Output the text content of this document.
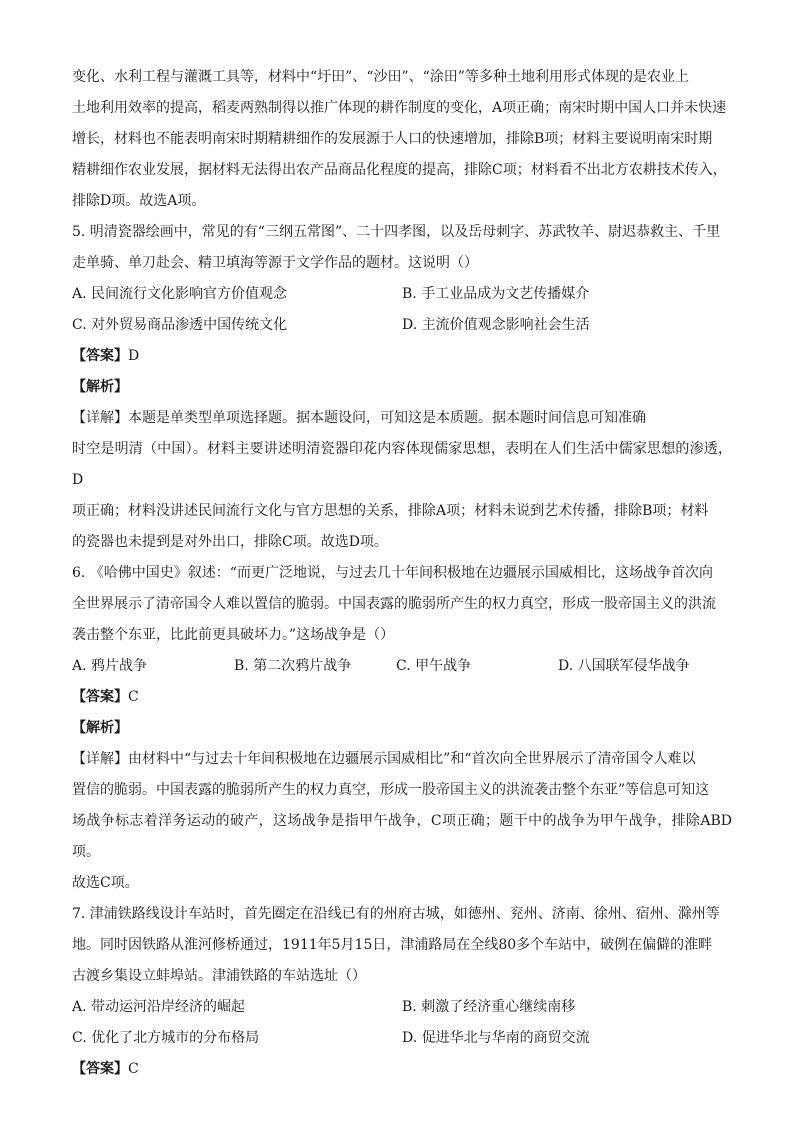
变化、水利工程与灌溉工具等，材料中“圩田”、“沙田”、“涂田”等多种土地利用形式体现的是农业上

土地利用效率的提高，稻麦两熟制得以推广体现的耕作制度的变化，A项正确；南宋时期中国人口并未快速

增长，材料也不能表明南宋时期精耕细作的发展源于人口的快速增加，排除B项；材料主要说明南宋时期

精耕细作农业发展，据材料无法得出农产品商品化程度的提高，排除C项；材料看不出北方农耕技术传入，

排除D项。故选A项。

5. 明清瓷器绘画中，常见的有“三纲五常图”、二十四孝图，以及岳母刺字、苏武牧羊、尉迟恭救主、千里

走单骑、单刀赴会、精卫填海等源于文学作品的题材。这说明（）

A. 民间流行文化影响官方价值观念	B. 手工业品成为文艺传播媒介
C. 对外贸易商品渗透中国传统文化	D. 主流价值观念影响社会生活
【答案】D
【解析】

【详解】本题是单类型单项选择题。据本题设问，可知这是本质题。据本题时间信息可知准确

时空是明清（中国）。材料主要讲述明清瓷器印花内容体现儒家思想，表明在人们生活中儒家思想的渗透，D

项正确；材料没讲述民间流行文化与官方思想的关系，排除A项；材料未说到艺术传播，排除B项；材料

的瓷器也未提到是对外出口，排除C项。故选D项。

6. 《哈佛中国史》叙述：“而更广泛地说，与过去几十年间积极地在边疆展示国威相比，这场战争首次向

全世界展示了清帝国令人难以置信的脆弱。中国表露的脆弱所产生的权力真空，形成一股帝国主义的洪流

袭击整个东亚，比此前更具破坏力。”这场战争是（）

A. 鸦片战争	B. 第二次鸦片战争	C. 甲午战争	D. 八国联军侵华战争
【答案】C
【解析】

【详解】由材料中“与过去十年间积极地在边疆展示国威相比”和“首次向全世界展示了清帝国令人难以

置信的脆弱。中国表露的脆弱所产生的权力真空，形成一股帝国主义的洪流袭击整个东亚”等信息可知这

场战争标志着洋务运动的破产，这场战争是指甲午战争，C项正确；题干中的战争为甲午战争，排除ABD项。

故选C项。

7. 津浦铁路线设计车站时，首先圈定在沿线已有的州府古城，如德州、兖州、济南、徐州、宿州、滁州等

地。同时因铁路从淮河修桥通过，1911年5月15日，津浦路局在全线80多个车站中，破例在偏僻的淮畔

古渡乡集设立蚌埠站。津浦铁路的车站选址（）

A. 带动运河沿岸经济的崛起	B. 刺激了经济重心继续南移
C. 优化了北方城市的分布格局	D. 促进华北与华南的商贸交流
【答案】C
